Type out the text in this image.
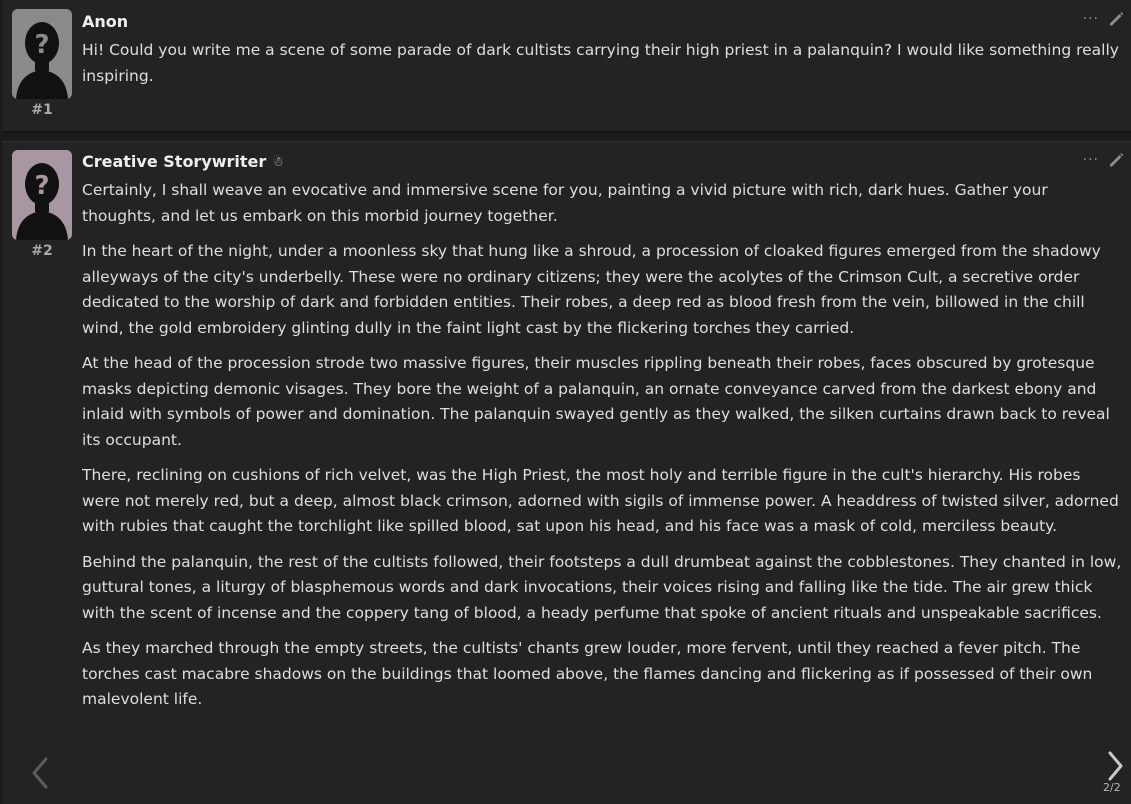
?
#1
Anon	···

Hi! Could you write me a scene of some parade of dark cultists carrying their high priest in a palanquin? I would like something really inspiring.

?
#2
Creative Storywriter ☃	···

Certainly, I shall weave an evocative and immersive scene for you, painting a vivid picture with rich, dark hues. Gather your thoughts, and let us embark on this morbid journey together.

In the heart of the night, under a moonless sky that hung like a shroud, a procession of cloaked figures emerged from the shadowy alleyways of the city's underbelly. These were no ordinary citizens; they were the acolytes of the Crimson Cult, a secretive order dedicated to the worship of dark and forbidden entities. Their robes, a deep red as blood fresh from the vein, billowed in the chill wind, the gold embroidery glinting dully in the faint light cast by the flickering torches they carried.

At the head of the procession strode two massive figures, their muscles rippling beneath their robes, faces obscured by grotesque masks depicting demonic visages. They bore the weight of a palanquin, an ornate conveyance carved from the darkest ebony and inlaid with symbols of power and domination. The palanquin swayed gently as they walked, the silken curtains drawn back to reveal its occupant.

There, reclining on cushions of rich velvet, was the High Priest, the most holy and terrible figure in the cult's hierarchy. His robes were not merely red, but a deep, almost black crimson, adorned with sigils of immense power. A headdress of twisted silver, adorned with rubies that caught the torchlight like spilled blood, sat upon his head, and his face was a mask of cold, merciless beauty.

Behind the palanquin, the rest of the cultists followed, their footsteps a dull drumbeat against the cobblestones. They chanted in low, guttural tones, a liturgy of blasphemous words and dark invocations, their voices rising and falling like the tide. The air grew thick with the scent of incense and the coppery tang of blood, a heady perfume that spoke of ancient rituals and unspeakable sacrifices.

As they marched through the empty streets, the cultists' chants grew louder, more fervent, until they reached a fever pitch. The torches cast macabre shadows on the buildings that loomed above, the flames dancing and flickering as if possessed of their own malevolent life.

2/2
